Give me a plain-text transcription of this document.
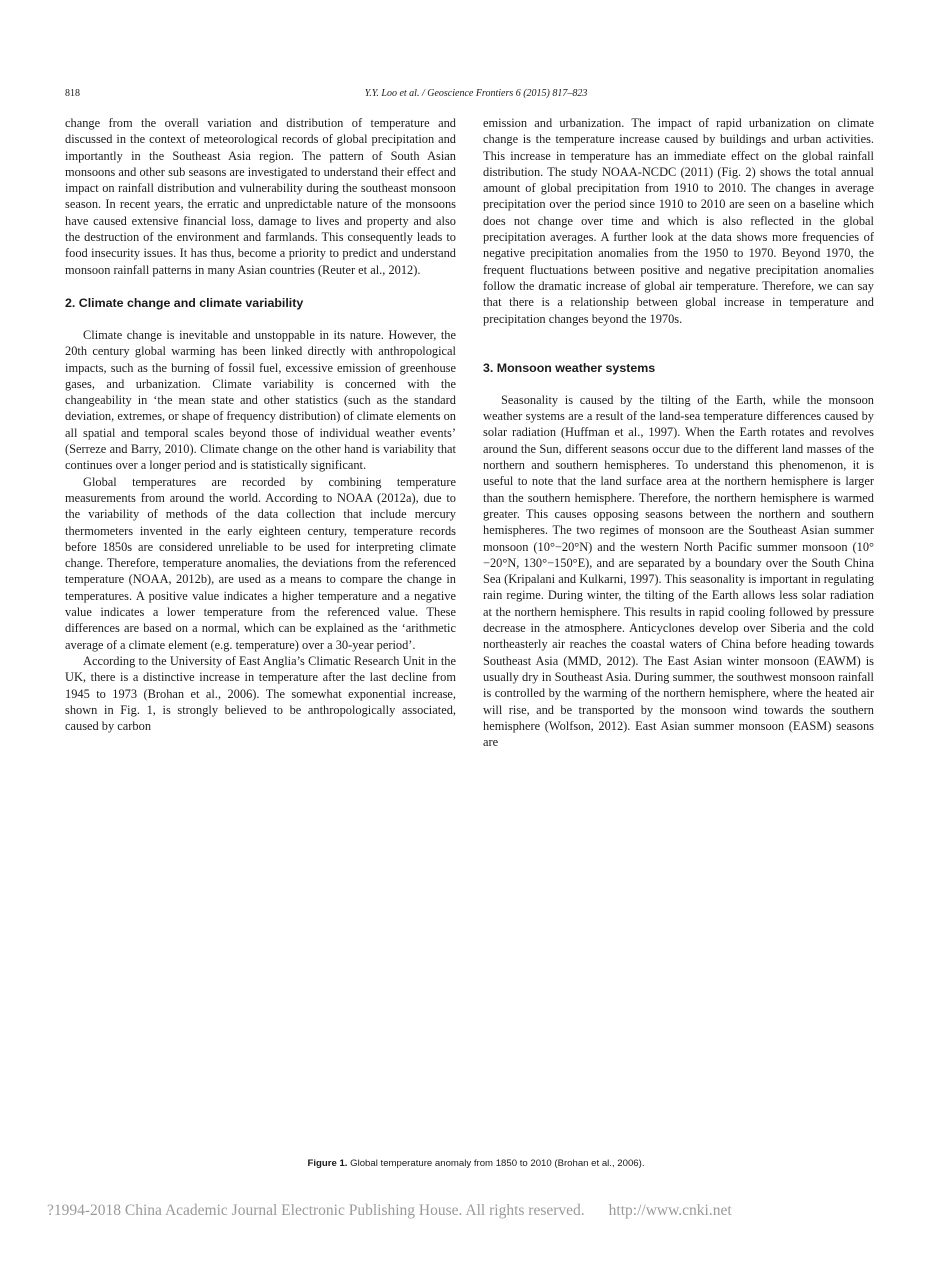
818	Y.Y. Loo et al. / Geoscience Frontiers 6 (2015) 817–823

change from the overall variation and distribution of temperature and discussed in the context of meteorological records of global precipitation and importantly in the Southeast Asia region. The pattern of South Asian monsoons and other sub seasons are investigated to understand their effect and impact on rainfall distribution and vulnerability during the southeast monsoon season. In recent years, the erratic and unpredictable nature of the monsoons have caused extensive financial loss, damage to lives and property and also the destruction of the environment and farmlands. This consequently leads to food insecurity issues. It has thus, become a priority to predict and understand monsoon rainfall patterns in many Asian countries (Reuter et al., 2012).

2. Climate change and climate variability

Climate change is inevitable and unstoppable in its nature. However, the 20th century global warming has been linked directly with anthropological impacts, such as the burning of fossil fuel, excessive emission of greenhouse gases, and urbanization. Climate variability is concerned with the changeability in ‘the mean state and other statistics (such as the standard deviation, extremes, or shape of frequency distribution) of climate elements on all spatial and temporal scales beyond those of individual weather events’ (Serreze and Barry, 2010). Climate change on the other hand is variability that continues over a longer period and is statistically significant.

Global temperatures are recorded by combining temperature measurements from around the world. According to NOAA (2012a), due to the variability of methods of the data collection that include mercury thermometers invented in the early eighteen century, temperature records before 1850s are considered unreliable to be used for interpreting climate change. Therefore, temperature anomalies, the deviations from the referenced temperature (NOAA, 2012b), are used as a means to compare the change in temperatures. A positive value indicates a higher temperature and a negative value indicates a lower temperature from the referenced value. These differences are based on a normal, which can be explained as the ‘arithmetic average of a climate element (e.g. temperature) over a 30-year period’.

According to the University of East Anglia’s Climatic Research Unit in the UK, there is a distinctive increase in temperature after the last decline from 1945 to 1973 (Brohan et al., 2006). The somewhat exponential increase, shown in Fig. 1, is strongly believed to be anthropologically associated, caused by carbon

emission and urbanization. The impact of rapid urbanization on climate change is the temperature increase caused by buildings and urban activities. This increase in temperature has an immediate effect on the global rainfall distribution. The study NOAA-NCDC (2011) (Fig. 2) shows the total annual amount of global precipitation from 1910 to 2010. The changes in average precipitation over the period since 1910 to 2010 are seen on a baseline which does not change over time and which is also reflected in the global precipitation averages. A further look at the data shows more frequencies of negative precipitation anomalies from the 1950 to 1970. Beyond 1970, the frequent fluctuations between positive and negative precipitation anomalies follow the dramatic increase of global air temperature. Therefore, we can say that there is a relationship between global increase in temperature and precipitation changes beyond the 1970s.

3. Monsoon weather systems

Seasonality is caused by the tilting of the Earth, while the monsoon weather systems are a result of the land-sea temperature differences caused by solar radiation (Huffman et al., 1997). When the Earth rotates and revolves around the Sun, different seasons occur due to the different land masses of the northern and southern hemispheres. To understand this phenomenon, it is useful to note that the land surface area at the northern hemisphere is larger than the southern hemisphere. Therefore, the northern hemisphere is warmed greater. This causes opposing seasons between the northern and southern hemispheres. The two regimes of monsoon are the Southeast Asian summer monsoon (10°−20°N) and the western North Pacific summer monsoon (10°−20°N, 130°−150°E), and are separated by a boundary over the South China Sea (Kripalani and Kulkarni, 1997). This seasonality is important in regulating rain regime. During winter, the tilting of the Earth allows less solar radiation at the northern hemisphere. This results in rapid cooling followed by pressure decrease in the atmosphere. Anticyclones develop over Siberia and the cold northeasterly air reaches the coastal waters of China before heading towards Southeast Asia (MMD, 2012). The East Asian winter monsoon (EAWM) is usually dry in Southeast Asia. During summer, the southwest monsoon rainfall is controlled by the warming of the northern hemisphere, where the heated air will rise, and be transported by the monsoon wind towards the southern hemisphere (Wolfson, 2012). East Asian summer monsoon (EASM) seasons are

Figure 1. Global temperature anomaly from 1850 to 2010 (Brohan et al., 2006).
?1994-2018 China Academic Journal Electronic Publishing House. All rights reserved. http://www.cnki.net
